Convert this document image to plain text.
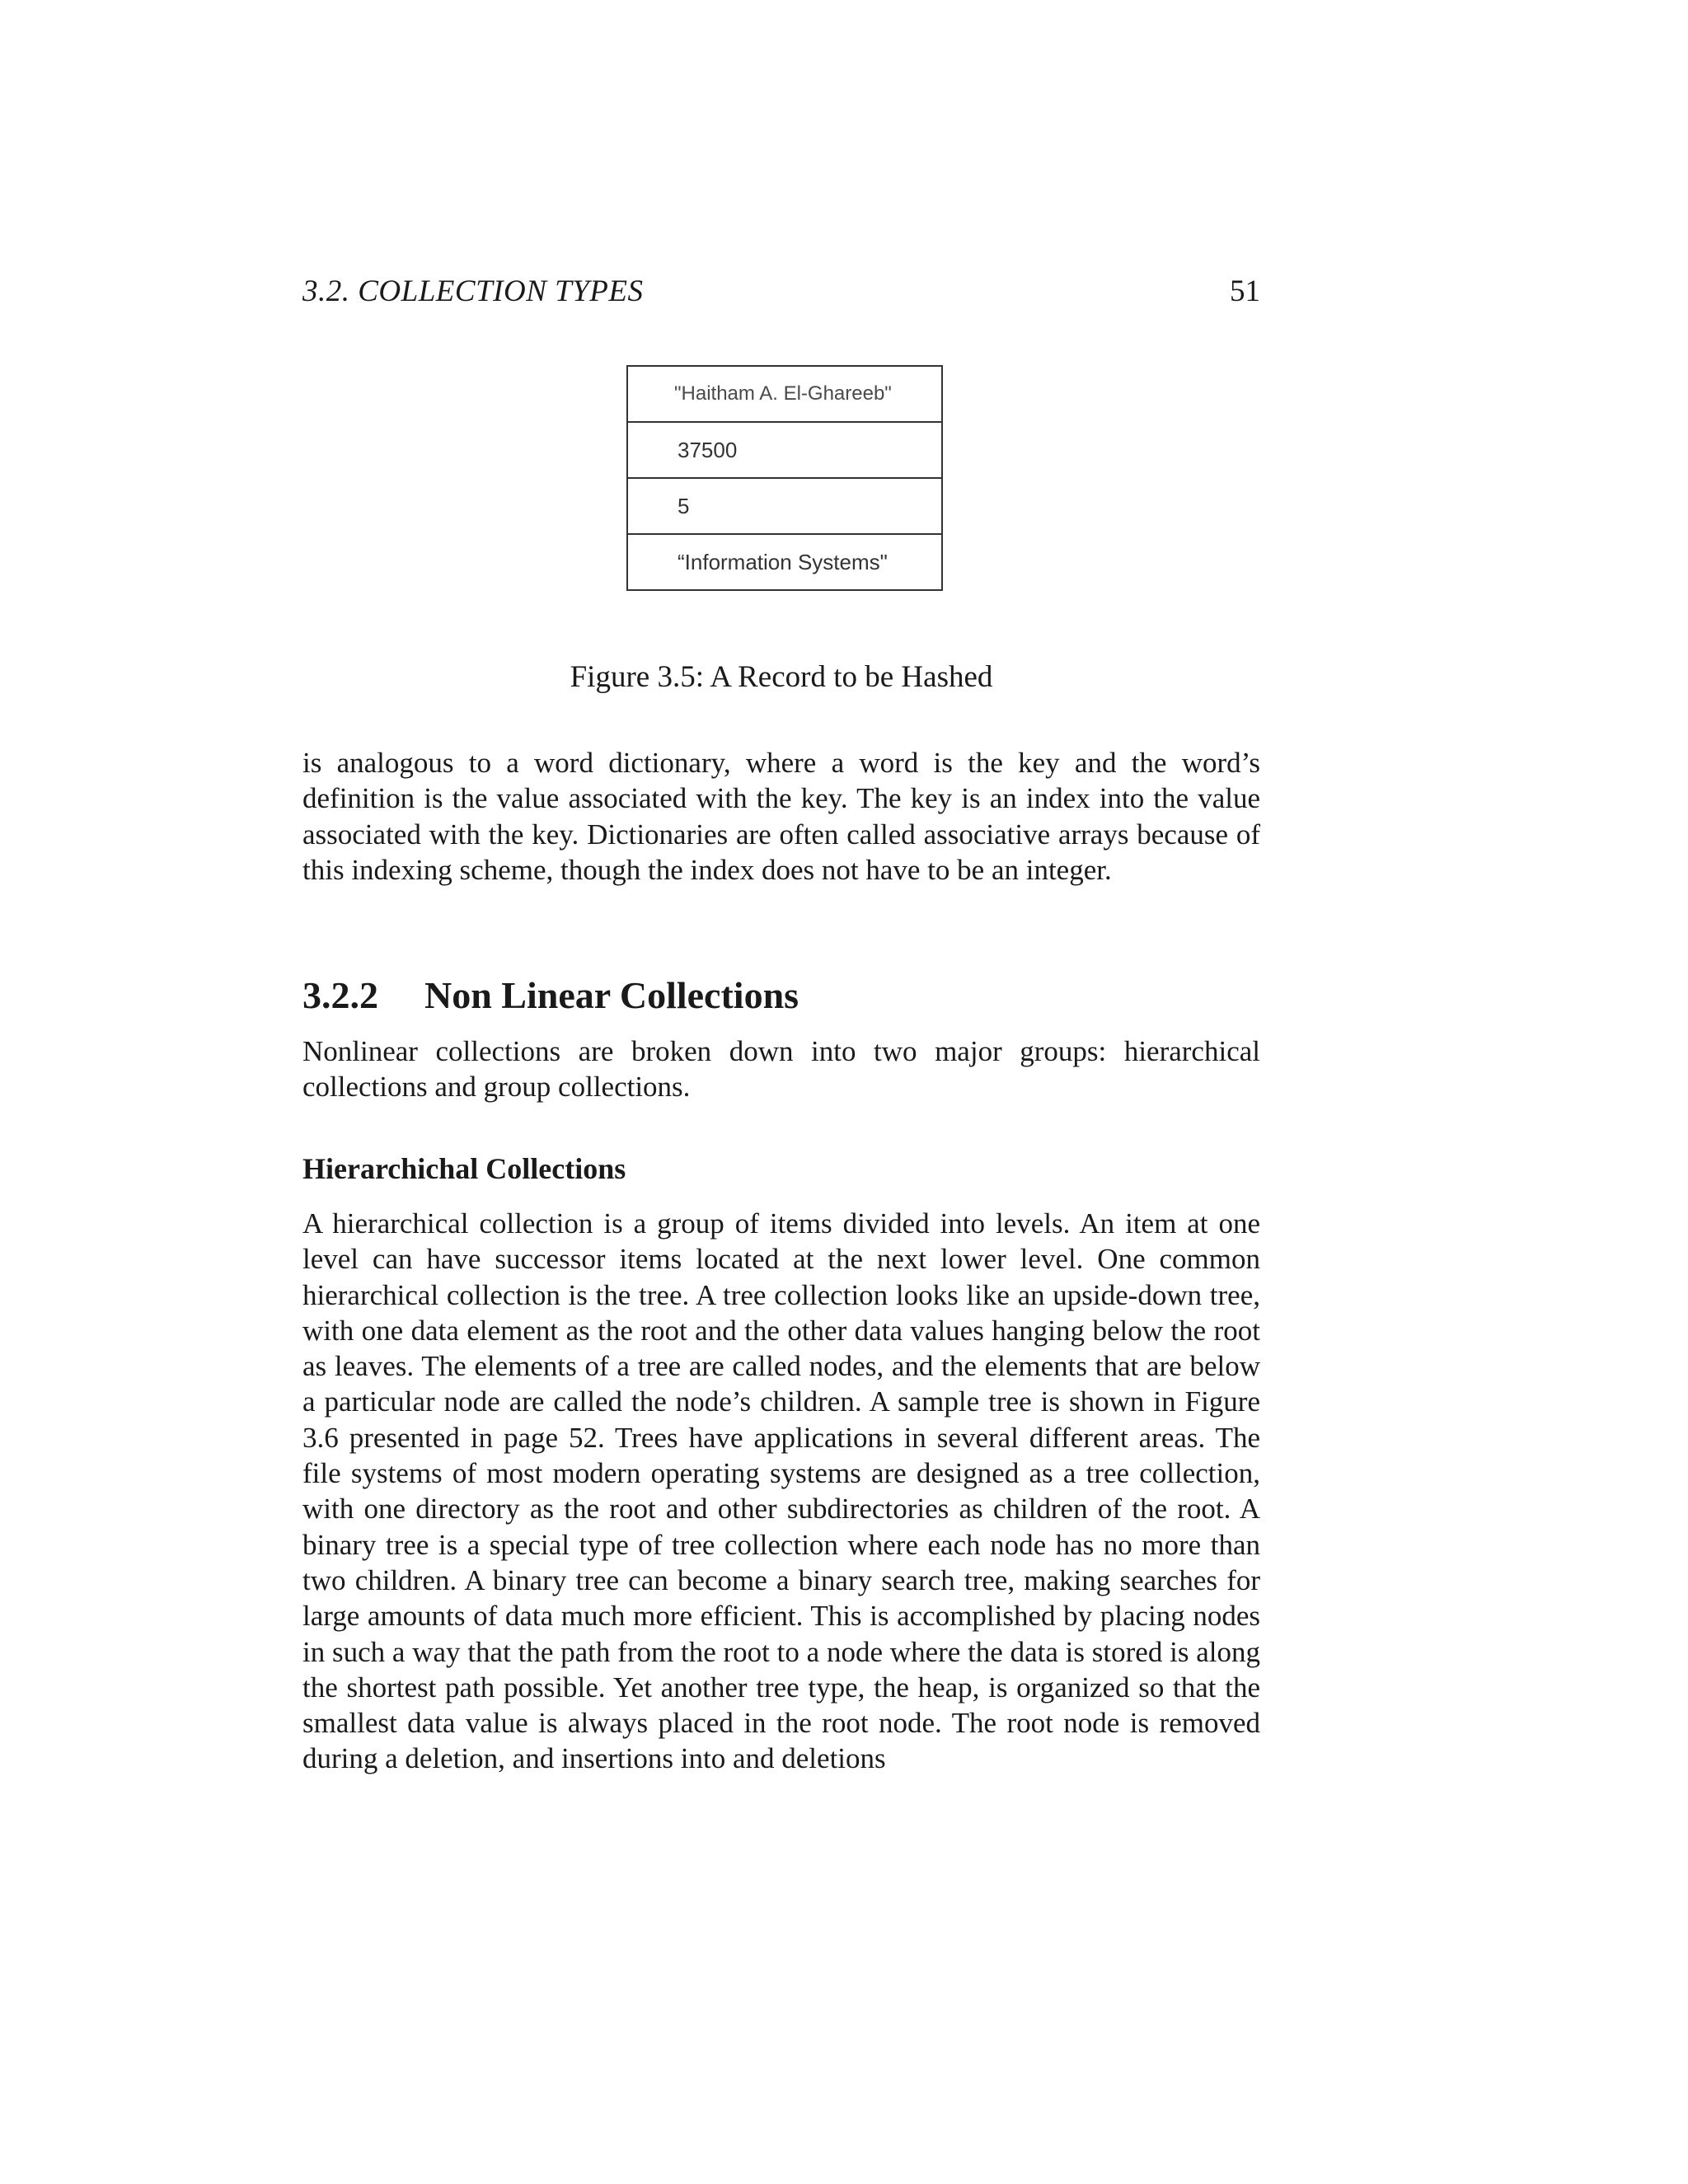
3.2. COLLECTION TYPES	51
"Haitham A. El-Ghareeb"
37500
5
“Information Systems"
Figure 3.5: A Record to be Hashed

is analogous to a word dictionary, where a word is the key and the word’s definition is the value associated with the key. The key is an index into the value associated with the key. Dictionaries are often called associative arrays because of this indexing scheme, though the index does not have to be an integer.

3.2.2 Non Linear Collections

Nonlinear collections are broken down into two major groups: hierarchical collections and group collections.

Hierarchichal Collections

A hierarchical collection is a group of items divided into levels. An item at one level can have successor items located at the next lower level. One common hierarchical collection is the tree. A tree collection looks like an upside-down tree, with one data element as the root and the other data values hanging below the root as leaves. The elements of a tree are called nodes, and the elements that are below a particular node are called the node’s children. A sample tree is shown in Figure 3.6 presented in page 52. Trees have applications in several different areas. The file systems of most modern operating systems are designed as a tree collection, with one directory as the root and other subdirectories as children of the root. A binary tree is a special type of tree collection where each node has no more than two children. A binary tree can become a binary search tree, making searches for large amounts of data much more efficient. This is accomplished by placing nodes in such a way that the path from the root to a node where the data is stored is along the shortest path possible. Yet another tree type, the heap, is organized so that the smallest data value is always placed in the root node. The root node is removed during a deletion, and insertions into and deletions
